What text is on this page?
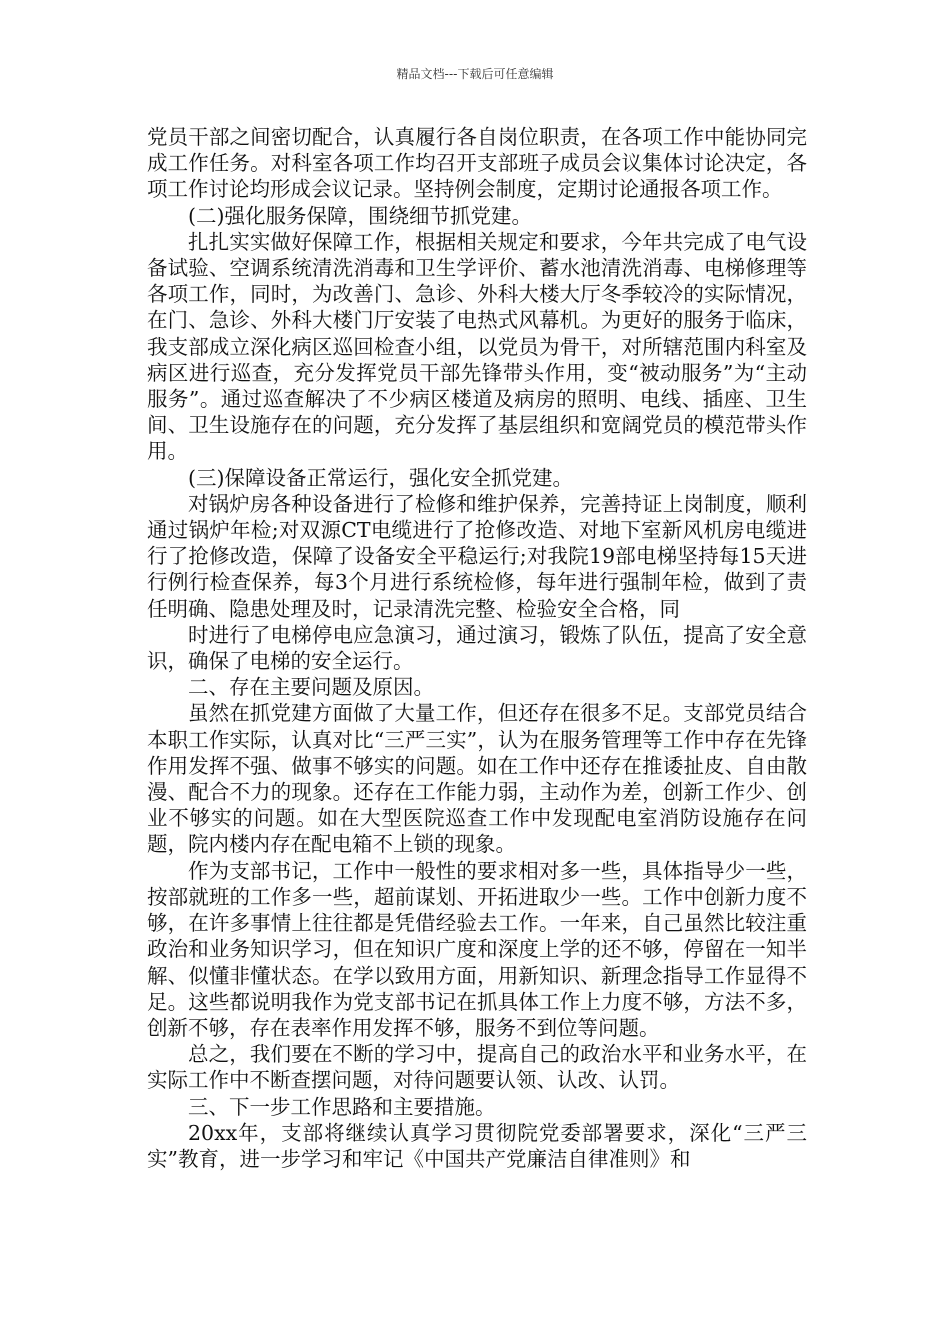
精品文档---下载后可任意编辑

党员干部之间密切配合，认真履行各自岗位职责，在各项工作中能协同完成工作任务。对科室各项工作均召开支部班子成员会议集体讨论决定，各项工作讨论均形成会议记录。坚持例会制度，定期讨论通报各项工作。

(二)强化服务保障，围绕细节抓党建。

扎扎实实做好保障工作，根据相关规定和要求，今年共完成了电气设备试验、空调系统清洗消毒和卫生学评价、蓄水池清洗消毒、电梯修理等各项工作，同时，为改善门、急诊、外科大楼大厅冬季较冷的实际情况，在门、急诊、外科大楼门厅安装了电热式风幕机。为更好的服务于临床，我支部成立深化病区巡回检查小组，以党员为骨干，对所辖范围内科室及病区进行巡查，充分发挥党员干部先锋带头作用，变“被动服务”为“主动服务”。通过巡查解决了不少病区楼道及病房的照明、电线、插座、卫生间、卫生设施存在的问题，充分发挥了基层组织和宽阔党员的模范带头作用。

(三)保障设备正常运行，强化安全抓党建。

对锅炉房各种设备进行了检修和维护保养，完善持证上岗制度，顺利通过锅炉年检;对双源CT电缆进行了抢修改造、对地下室新风机房电缆进行了抢修改造，保障了设备安全平稳运行;对我院19部电梯坚持每15天进行例行检查保养，每3个月进行系统检修，每年进行强制年检，做到了责任明确、隐患处理及时，记录清洗完整、检验安全合格，同

时进行了电梯停电应急演习，通过演习，锻炼了队伍，提高了安全意识，确保了电梯的安全运行。

二、存在主要问题及原因。

虽然在抓党建方面做了大量工作，但还存在很多不足。支部党员结合本职工作实际，认真对比“三严三实”，认为在服务管理等工作中存在先锋作用发挥不强、做事不够实的问题。如在工作中还存在推诿扯皮、自由散漫、配合不力的现象。还存在工作能力弱，主动作为差，创新工作少、创业不够实的问题。如在大型医院巡查工作中发现配电室消防设施存在问题，院内楼内存在配电箱不上锁的现象。

作为支部书记，工作中一般性的要求相对多一些，具体指导少一些，按部就班的工作多一些，超前谋划、开拓进取少一些。工作中创新力度不够，在许多事情上往往都是凭借经验去工作。一年来，自己虽然比较注重政治和业务知识学习，但在知识广度和深度上学的还不够，停留在一知半解、似懂非懂状态。在学以致用方面，用新知识、新理念指导工作显得不足。这些都说明我作为党支部书记在抓具体工作上力度不够，方法不多，创新不够，存在表率作用发挥不够，服务不到位等问题。

总之，我们要在不断的学习中，提高自己的政治水平和业务水平，在实际工作中不断查摆问题，对待问题要认领、认改、认罚。

三、下一步工作思路和主要措施。

20xx年，支部将继续认真学习贯彻院党委部署要求，深化“三严三实”教育，进一步学习和牢记《中国共产党廉洁自律准则》和
